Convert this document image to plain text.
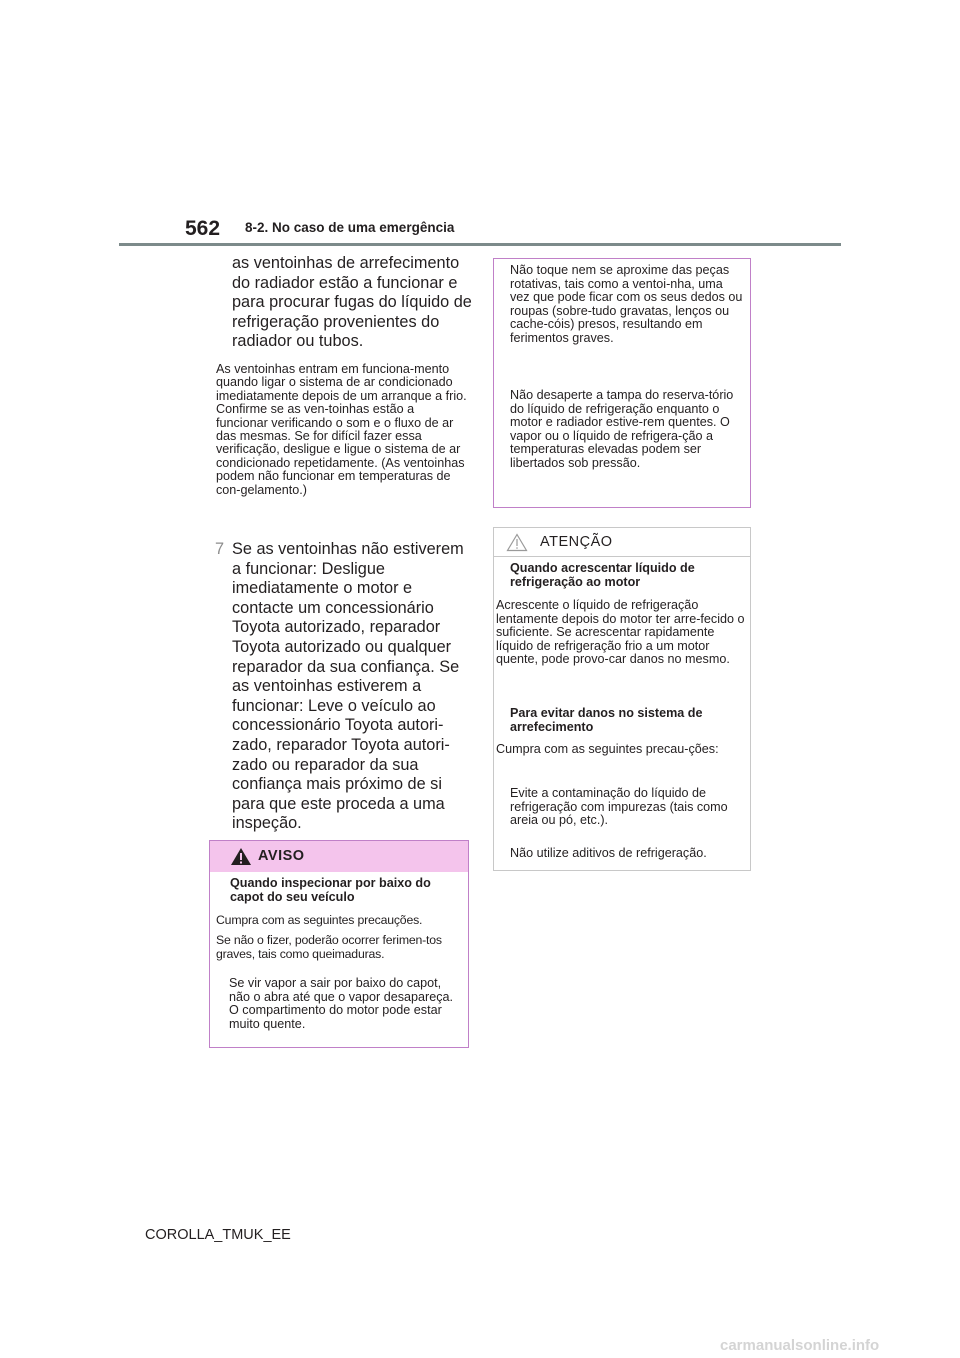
562 8-2. No caso de uma emergência

as ventoinhas de arrefecimento do radiador estão a funcionar e para procurar fugas do líquido de refrigeração provenientes do radiador ou tubos.

As ventoinhas entram em funciona-mento quando ligar o sistema de ar condicionado imediatamente depois de um arranque a frio. Confirme se as ven-toinhas estão a funcionar verificando o som e o fluxo de ar das mesmas. Se for difícil fazer essa verificação, desligue e ligue o sistema de ar condicionado repetidamente. (As ventoinhas podem não funcionar em temperaturas de con-gelamento.)

7 Se as ventoinhas não estiverem a funcionar: Desligue imediatamente o motor e contacte um concessionário Toyota autorizado, reparador Toyota autorizado ou qualquer reparador da sua confiança. Se as ventoinhas estiverem a funcionar: Leve o veículo ao concessionário Toyota autori-zado, reparador Toyota autori-zado ou reparador da sua confiança mais próximo de si para que este proceda a uma inspeção.

AVISO

Quando inspecionar por baixo do capot do seu veículo

Cumpra com as seguintes precauções.

Se não o fizer, poderão ocorrer ferimen-tos graves, tais como queimaduras.

Se vir vapor a sair por baixo do capot, não o abra até que o vapor desapareça. O compartimento do motor pode estar muito quente.

Não toque nem se aproxime das peças rotativas, tais como a ventoi-nha, uma vez que pode ficar com os seus dedos ou roupas (sobre-tudo gravatas, lenços ou cache-cóis) presos, resultando em ferimentos graves.

Não desaperte a tampa do reserva-tório do líquido de refrigeração enquanto o motor e radiador estive-rem quentes. O vapor ou o líquido de refrigera-ção a temperaturas elevadas podem ser libertados sob pressão.

ATENÇÃO

Quando acrescentar líquido de refrigeração ao motor

Acrescente o líquido de refrigeração lentamente depois do motor ter arre-fecido o suficiente. Se acrescentar rapidamente líquido de refrigeração frio a um motor quente, pode provo-car danos no mesmo.

Para evitar danos no sistema de arrefecimento

Cumpra com as seguintes precau-ções:

Evite a contaminação do líquido de refrigeração com impurezas (tais como areia ou pó, etc.).

Não utilize aditivos de refrigeração.

COROLLA_TMUK_EE
carmanualsonline.info
